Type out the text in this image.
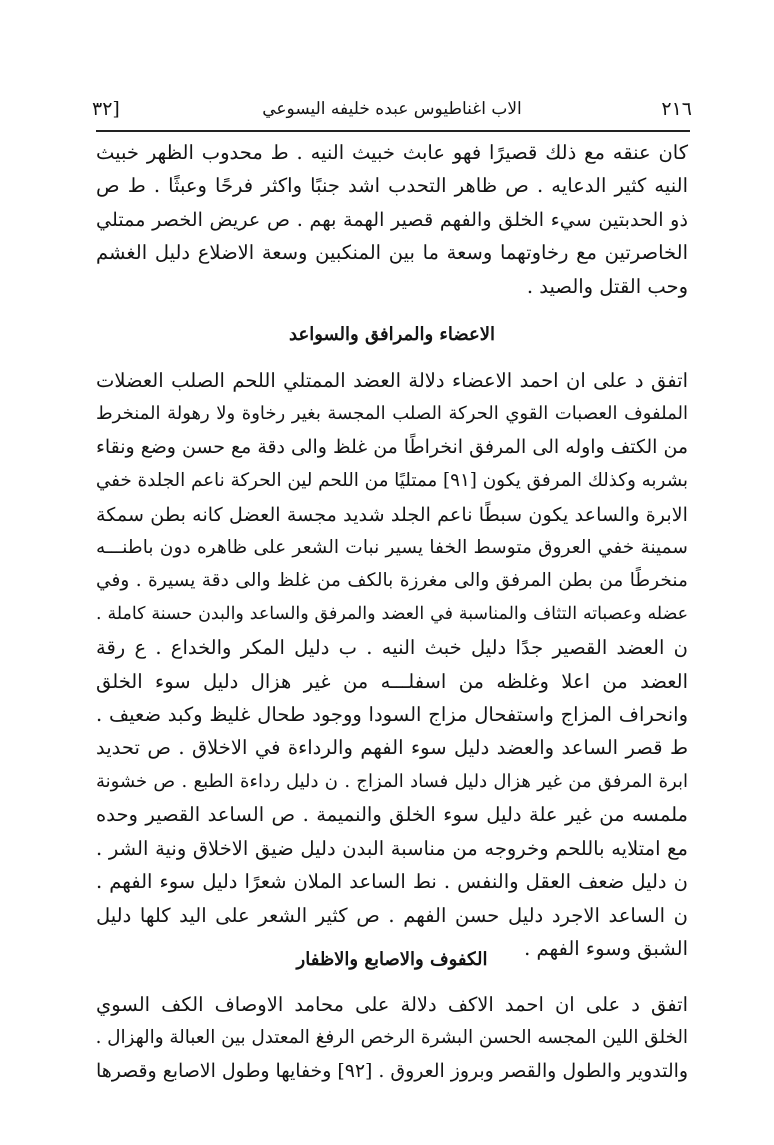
٢١٦
الاب اغناطيوس عبده خليفه اليسوعي
[٣٢
كان عنقه مع ذلك قصيرًا فهو عابث خبيث النيه . ط محدوب الظهر خبيث
النيه كثير الدعايه . ص ظاهر التحدب اشد جنبًا واكثر فرحًا وعبثًا . ط ص
ذو الحدبتين سيء الخلق والفهم قصير الهمة بهم . ص عريض الخصر ممتلي
الخاصرتين مع رخاوتهما وسعة ما بين المنكبين وسعة الاضلاع دليل الغشم
وحب القتل والصيد .
الاعضاء والمرافق والسواعد
اتفق د على ان احمد الاعضاء دلالة العضد الممتلي اللحم الصلب العضلات
الملفوف العصبات القوي الحركة الصلب المجسة بغير رخاوة ولا رهولة المنخرط
من الكتف واوله الى المرفق انخراطًا من غلظ والى دقة مع حسن وضع ونقاء
بشربه وكذلك المرفق يكون [٩١] ممتليًا من اللحم لين الحركة ناعم الجلدة خفي
الابرة والساعد يكون سبطًا ناعم الجلد شديد مجسة العضل كانه بطن سمكة
سمينة خفي العروق متوسط الخفا يسير نبات الشعر على ظاهره دون باطنـــه
منخرطًا من بطن المرفق والى مغرزة بالكف من غلظ والى دقة يسيرة . وفي
عضله وعصباته التثاف والمناسبة في العضد والمرفق والساعد والبدن حسنة كاملة .
ن العضد القصير جدًا دليل خبث النيه . ب دليل المكر والخداع . ع رقة
العضد من اعلا وغلظه من اسفلـــه من غير هزال دليل سوء الخلق
وانحراف المزاج واستفحال مزاج السودا ووجود طحال غليظ وكبد ضعيف .
ط قصر الساعد والعضد دليل سوء الفهم والرداءة في الاخلاق . ص تحديد
ابرة المرفق من غير هزال دليل فساد المزاج . ن دليل رداءة الطبع . ص خشونة
ملمسه من غير علة دليل سوء الخلق والنميمة . ص الساعد القصير وحده
مع امتلايه باللحم وخروجه من مناسبة البدن دليل ضيق الاخلاق ونية الشر .
ن دليل ضعف العقل والنفس . نط الساعد الملان شعرًا دليل سوء الفهم .
ن الساعد الاجرد دليل حسن الفهم . ص كثير الشعر على اليد كلها دليل
الشبق وسوء الفهم .
الكفوف والاصابع والاظفار
اتفق د على ان احمد الاكف دلالة على محامد الاوصاف الكف السوي
الخلق اللين المجسه الحسن البشرة الرخص الرفغ المعتدل بين العبالة والهزال .
والتدوير والطول والقصر وبروز العروق . [٩٢] وخفايها وطول الاصابع وقصرها
